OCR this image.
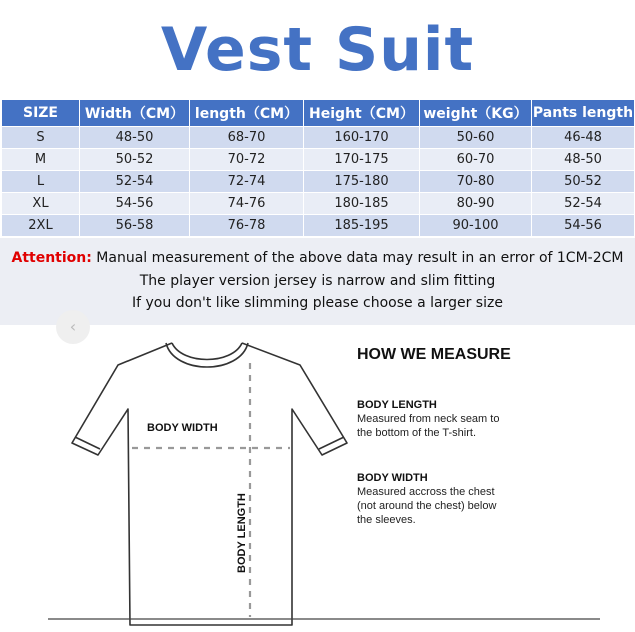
Vest Suit
SIZE	Width（CM）	length（CM）	Height（CM）	weight（KG）	Pants length
S	48-50	68-70	160-170	50-60	46-48
M	50-52	70-72	170-175	60-70	48-50
L	52-54	72-74	175-180	70-80	50-52
XL	54-56	74-76	180-185	80-90	52-54
2XL	56-58	76-78	185-195	90-100	54-56
Attention: Manual measurement of the above data may result in an error of 1CM-2CM
The player version jersey is narrow and slim fitting
If you don't like slimming please choose a larger size
BODY WIDTH
BODY LENGTH
‹
HOW WE MEASURE
BODY LENGTH
Measured from neck seam to
the bottom of the T-shirt.
BODY WIDTH
Measured accross the chest
(not around the chest) below
the sleeves.
